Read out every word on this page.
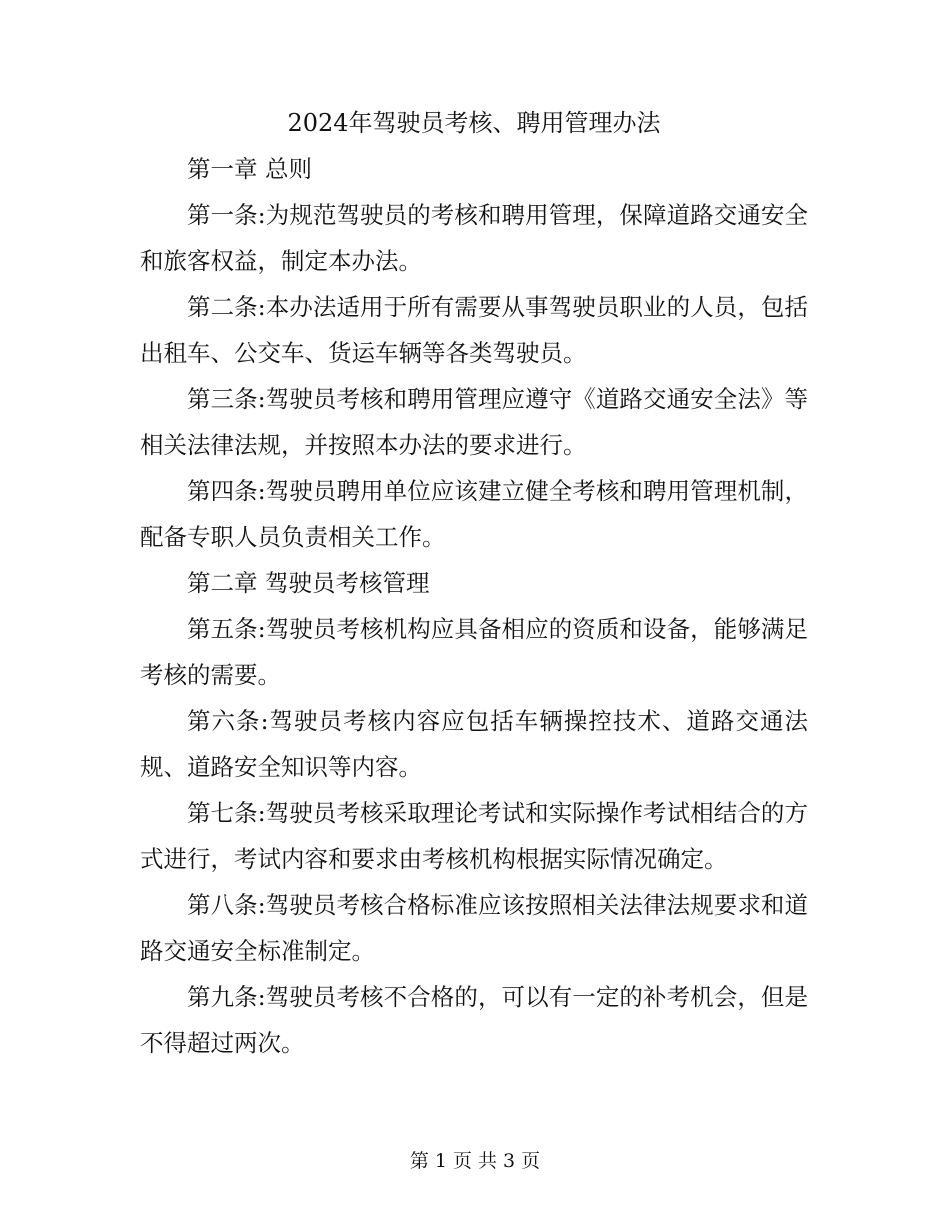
2024年驾驶员考核、聘用管理办法

第一章 总则

第一条:为规范驾驶员的考核和聘用管理，保障道路交通安全和旅客权益，制定本办法。

第二条:本办法适用于所有需要从事驾驶员职业的人员，包括出租车、公交车、货运车辆等各类驾驶员。

第三条:驾驶员考核和聘用管理应遵守《道路交通安全法》等相关法律法规，并按照本办法的要求进行。

第四条:驾驶员聘用单位应该建立健全考核和聘用管理机制，配备专职人员负责相关工作。

第二章 驾驶员考核管理

第五条:驾驶员考核机构应具备相应的资质和设备，能够满足考核的需要。

第六条:驾驶员考核内容应包括车辆操控技术、道路交通法规、道路安全知识等内容。

第七条:驾驶员考核采取理论考试和实际操作考试相结合的方式进行，考试内容和要求由考核机构根据实际情况确定。

第八条:驾驶员考核合格标准应该按照相关法律法规要求和道路交通安全标准制定。

第九条:驾驶员考核不合格的，可以有一定的补考机会，但是不得超过两次。

第 1 页 共 3 页
